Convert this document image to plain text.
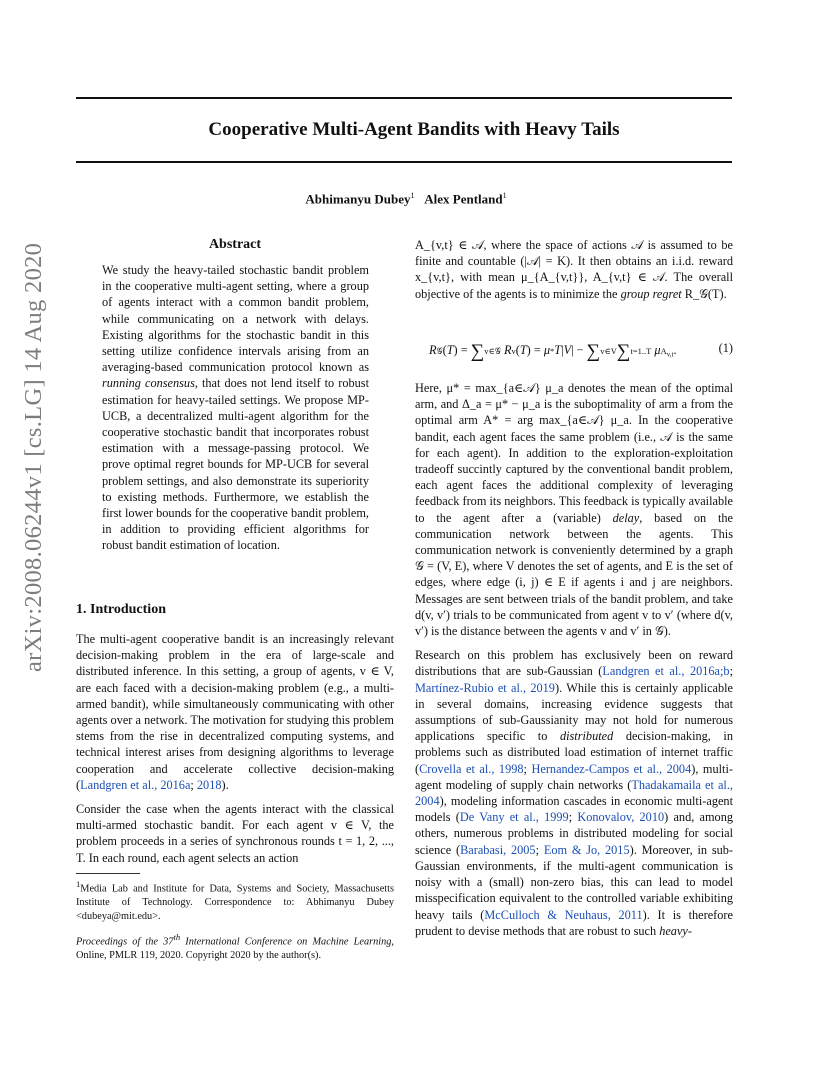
Cooperative Multi-Agent Bandits with Heavy Tails
Abhimanyu Dubey$^1$ Alex Pentland$^1$
arXiv:2008.06244v1 [cs.LG] 14 Aug 2020	Abstract
We study the heavy-tailed stochastic bandit problem in the cooperative multi-agent setting, where a group of agents interact with a common bandit problem, while communicating on a network with delays. Existing algorithms for the stochastic bandit in this setting utilize confidence intervals arising from an averaging-based communication protocol known as running consensus, that does not lend itself to robust estimation for heavy-tailed settings. We propose MP-UCB, a decentralized multi-agent algorithm for the cooperative stochastic bandit that incorporates robust estimation with a message-passing protocol. We prove optimal regret bounds for MP-UCB for several problem settings, and also demonstrate its superiority to existing methods. Furthermore, we establish the first lower bounds for the cooperative bandit problem, in addition to providing efficient algorithms for robust bandit estimation of location.
1. Introduction

The multi-agent cooperative bandit is an increasingly relevant decision-making problem in the era of large-scale and distributed inference. In this setting, a group of agents, v ∈ V, are each faced with a decision-making problem (e.g., a multi-armed bandit), while simultaneously communicating with other agents over a network. The motivation for studying this problem stems from the rise in decentralized computing systems, and technical interest arises from designing algorithms to leverage cooperation and accelerate collective decision-making (Landgren et al., 2016a; 2018).

Consider the case when the agents interact with the classical multi-armed stochastic bandit. For each agent v ∈ V, the problem proceeds in a series of synchronous rounds t = 1, 2, ..., T. In each round, each agent selects an action

$^1$Media Lab and Institute for Data, Systems and Society, Massachusetts Institute of Technology. Correspondence to: Abhimanyu Dubey <dubeya@mit.edu>.
Proceedings of the 37th International Conference on Machine Learning, Online, PMLR 119, 2020. Copyright 2020 by the author(s).
A_{v,t} ∈ 𝒜, where the space of actions 𝒜 is assumed to be finite and countable (|𝒜| = K). It then obtains an i.i.d. reward x_{v,t}, with mean μ_{A_{v,t}}, A_{v,t} ∈ 𝒜. The overall objective of the agents is to minimize the group regret R_𝒢(T).
R𝒢(T) = ∑v∈𝒢 Rv(T) = μ*T|V| − ∑v∈V∑t=1..T $\mu A_{v,t}$.	(1)

Here, μ* = max_{a∈𝒜} μ_a denotes the mean of the optimal arm, and Δ_a = μ* − μ_a is the suboptimality of arm a from the optimal arm A* = arg max_{a∈𝒜} μ_a. In the cooperative bandit, each agent faces the same problem (i.e., 𝒜 is the same for each agent). In addition to the exploration-exploitation tradeoff succintly captured by the conventional bandit problem, each agent faces the additional complexity of leveraging feedback from its neighbors. This feedback is typically available to the agent after a (variable) delay, based on the communication network between the agents. This communication network is conveniently determined by a graph 𝒢 = (V, E), where V denotes the set of agents, and E is the set of edges, where edge (i, j) ∈ E if agents i and j are neighbors. Messages are sent between trials of the bandit problem, and take d(v, v′) trials to be communicated from agent v to v′ (where d(v, v′) is the distance between the agents v and v′ in 𝒢).

Research on this problem has exclusively been on reward distributions that are sub-Gaussian (Landgren et al., 2016a;b; Martínez-Rubio et al., 2019). While this is certainly applicable in several domains, increasing evidence suggests that assumptions of sub-Gaussianity may not hold for numerous applications specific to distributed decision-making, in problems such as distributed load estimation of internet traffic (Crovella et al., 1998; Hernandez-Campos et al., 2004), multi-agent modeling of supply chain networks (Thadakamaila et al., 2004), modeling information cascades in economic multi-agent models (De Vany et al., 1999; Konovalov, 2010) and, among others, numerous problems in distributed modeling for social science (Barabasi, 2005; Eom & Jo, 2015). Moreover, in sub-Gaussian environments, if the multi-agent communication is noisy with a (small) non-zero bias, this can lead to model misspecification equivalent to the controlled variable exhibiting heavy tails (McCulloch & Neuhaus, 2011). It is therefore prudent to devise methods that are robust to such heavy-
